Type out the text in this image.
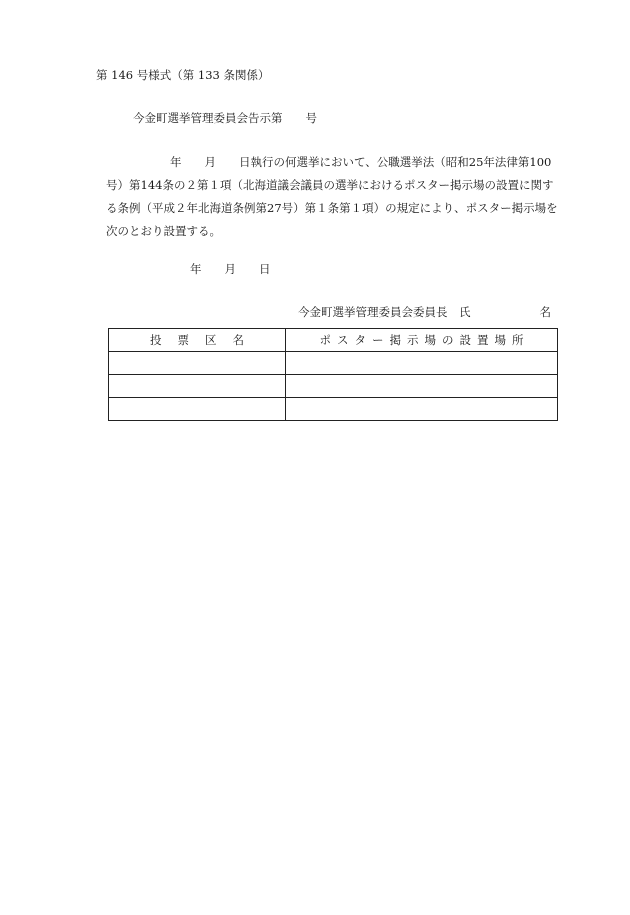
第 146 号様式（第 133 条関係）
今金町選挙管理委員会告示第　　号
年　　月　　日執行の何選挙において、公職選挙法（昭和25年法律第100
号）第144条の２第１項（北海道議会議員の選挙におけるポスター掲示場の設置に関す
る条例（平成２年北海道条例第27号）第１条第１項）の規定により、ポスター掲示場を
次のとおり設置する。
年　　月　　日
今金町選挙管理委員会委員長　氏　　　　　　名
投票区名	ポスター掲示場の設置場所
